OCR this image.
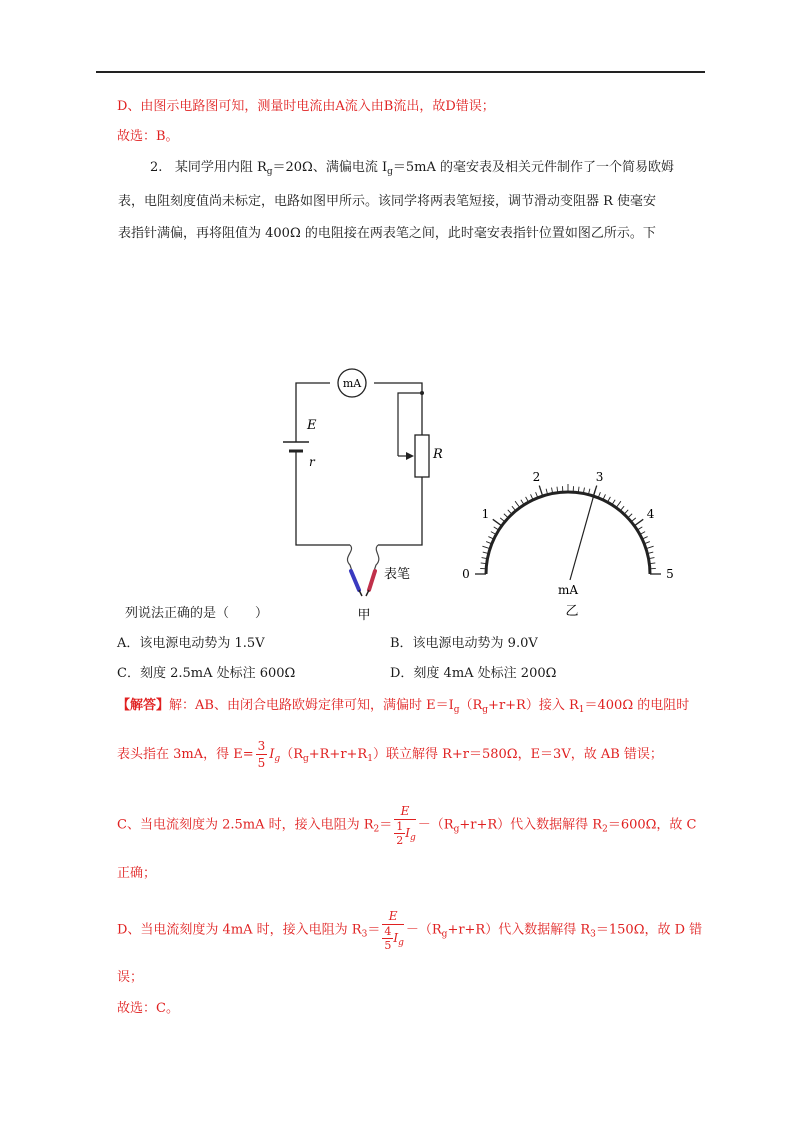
D、由图示电路图可知，测量时电流由A流入由B流出，故D错误；
故选：B。
2. 某同学用内阻 $R_g=20\Omega$、满偏电流 $I_g=5mA$ 的毫安表及相关元件制作了一个简易欧姆
表，电阻刻度值尚未标定，电路如图甲所示。该同学将两表笔短接，调节滑动变阻器 R 使毫安
表指针满偏，再将阻值为 400Ω 的电阻接在两表笔之间，此时毫安表指针位置如图乙所示。下
mA
E
r	R
表笔
甲
0
1
2	3
4
5
mA
乙
列说法正确的是（　　）
A．该电源电动势为 1.5V	B．该电源电动势为 9.0V
C．刻度 2.5mA 处标注 600Ω	D．刻度 4mA 处标注 200Ω
【解答】解：AB、由闭合电路欧姆定律可知，满偏时 $E=I_g(R_g+r+R)$接入 $R_1=400\Omega$ 的电阻时
表头指在 3mA，得 $E= \frac{3}{5} I_g(R_g+R+r+R_1)$联立解得 R+r＝580Ω，E＝3V，故 AB 错误；
C、当电流刻度为 2.5mA 时，接入电阻为 $R_2= \frac{E}{\frac{1}{2} I_g} -(R_g+r+R)$代入数据解得 $R_2=600\Omega$，故 C
正确；
D、当电流刻度为 4mA 时，接入电阻为 $R_3= \frac{E}{\frac{4}{5} I_g} -(R_g+r+R)$代入数据解得 $R_3=150\Omega$，故 D 错
误；
故选：C。
